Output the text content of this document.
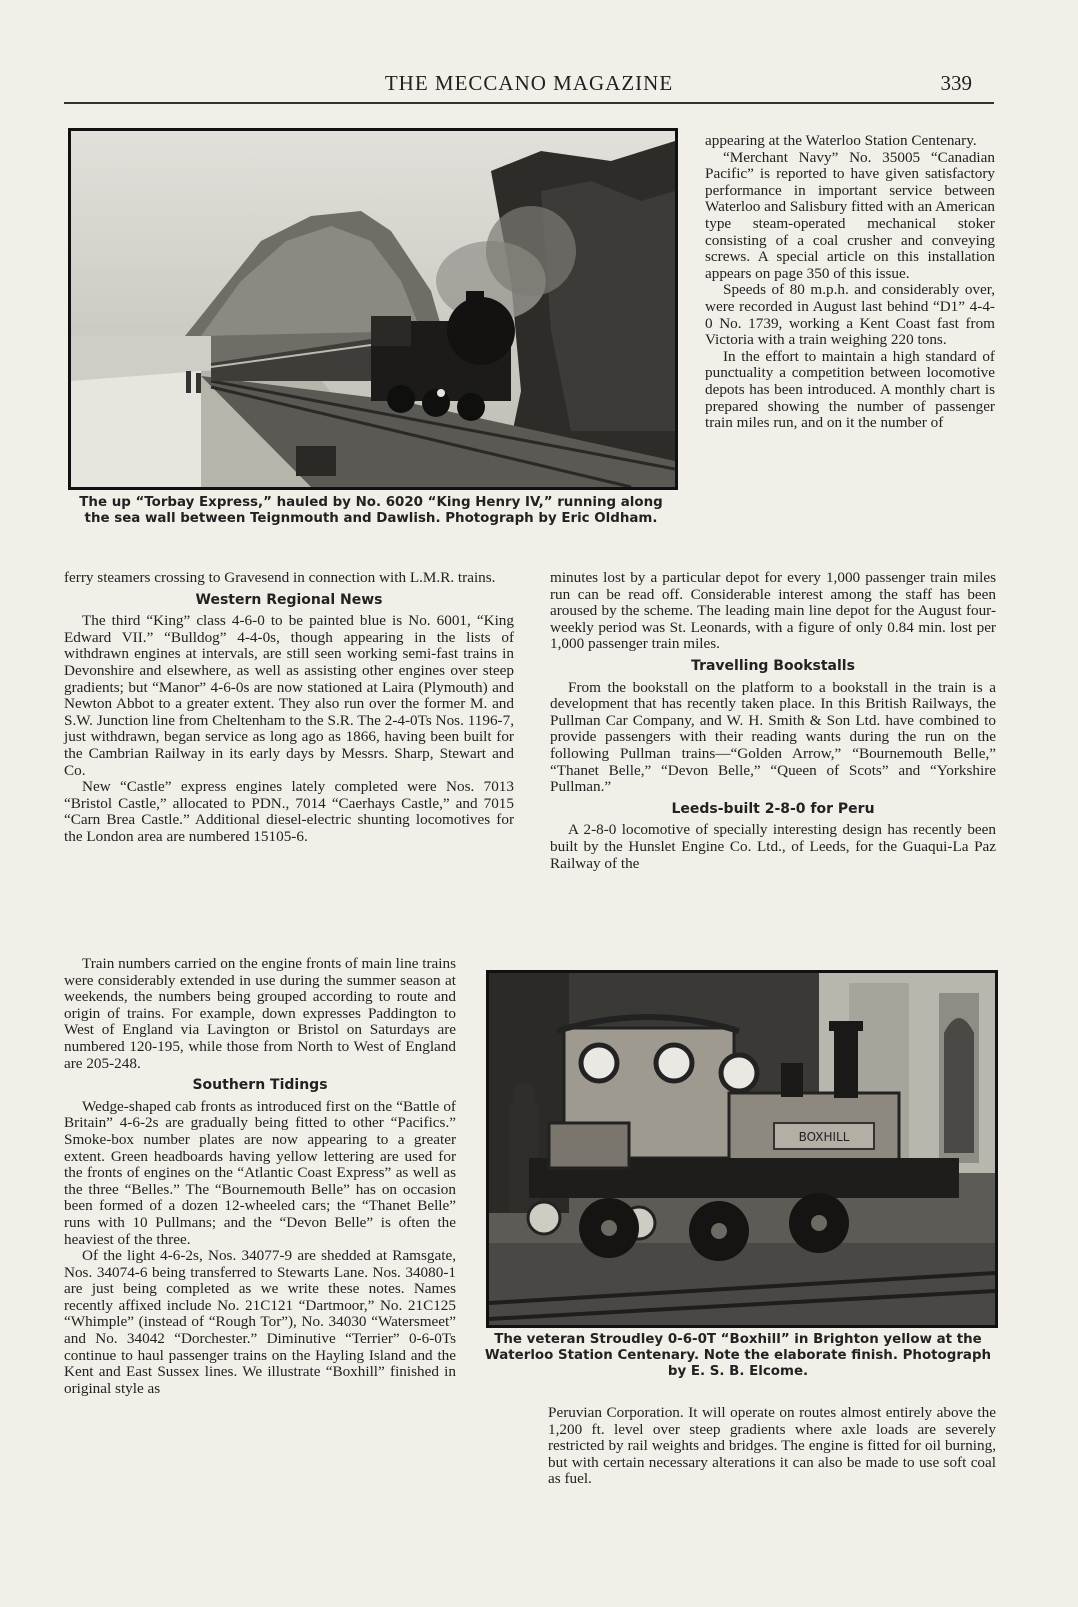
THE MECCANO MAGAZINE	339
The up “Torbay Express,” hauled by No. 6020 “King Henry IV,” running along the sea wall between Teignmouth and Dawlish. Photograph by Eric Oldham.

appearing at the Waterloo Station Centenary.

“Merchant Navy” No. 35005 “Canadian Pacific” is reported to have given satisfactory performance in important service between Waterloo and Salisbury fitted with an American type steam-operated mechanical stoker consisting of a coal crusher and conveying screws. A special article on this installation appears on page 350 of this issue.

Speeds of 80 m.p.h. and considerably over, were recorded in August last behind “D1” 4-4-0 No. 1739, working a Kent Coast fast from Victoria with a train weighing 220 tons.

In the effort to maintain a high standard of punctuality a competition between locomotive depots has been introduced. A monthly chart is prepared showing the number of passenger train miles run, and on it the number of

minutes lost by a particular depot for every 1,000 passenger train miles run can be read off. Considerable interest among the staff has been aroused by the scheme. The leading main line depot for the August four-weekly period was St. Leonards, with a figure of only 0.84 min. lost per 1,000 passenger train miles.

Travelling Bookstalls

From the bookstall on the platform to a bookstall in the train is a development that has recently taken place. In this British Railways, the Pullman Car Company, and W. H. Smith & Son Ltd. have combined to provide passengers with their reading wants during the run on the following Pullman trains—“Golden Arrow,” “Bournemouth Belle,” “Thanet Belle,” “Devon Belle,” “Queen of Scots” and “Yorkshire Pullman.”

Leeds-built 2-8-0 for Peru

A 2-8-0 locomotive of specially interesting design has recently been built by the Hunslet Engine Co. Ltd., of Leeds, for the Guaqui-La Paz Railway of the

ferry steamers crossing to Gravesend in connection with L.M.R. trains.

Western Regional News

The third “King” class 4-6-0 to be painted blue is No. 6001, “King Edward VII.” “Bulldog” 4-4-0s, though appearing in the lists of withdrawn engines at intervals, are still seen working semi-fast trains in Devonshire and elsewhere, as well as assisting other engines over steep gradients; but “Manor” 4-6-0s are now stationed at Laira (Plymouth) and Newton Abbot to a greater extent. They also run over the former M. and S.W. Junction line from Cheltenham to the S.R. The 2-4-0Ts Nos. 1196-7, just withdrawn, began service as long ago as 1866, having been built for the Cambrian Railway in its early days by Messrs. Sharp, Stewart and Co.

New “Castle” express engines lately completed were Nos. 7013 “Bristol Castle,” allocated to PDN., 7014 “Caerhays Castle,” and 7015 “Carn Brea Castle.” Additional diesel-electric shunting locomotives for the London area are numbered 15105-6.

Train numbers carried on the engine fronts of main line trains were considerably extended in use during the summer season at weekends, the numbers being grouped according to route and origin of trains. For example, down expresses Paddington to West of England via Lavington or Bristol on Saturdays are numbered 120-195, while those from North to West of England are 205-248.

Southern Tidings

Wedge-shaped cab fronts as introduced first on the “Battle of Britain” 4-6-2s are gradually being fitted to other “Pacifics.” Smoke-box number plates are now appearing to a greater extent. Green headboards having yellow lettering are used for the fronts of engines on the “Atlantic Coast Express” as well as the three “Belles.” The “Bournemouth Belle” has on occasion been formed of a dozen 12-wheeled cars; the “Thanet Belle” runs with 10 Pullmans; and the “Devon Belle” is often the heaviest of the three.

Of the light 4-6-2s, Nos. 34077-9 are shedded at Ramsgate, Nos. 34074-6 being transferred to Stewarts Lane. Nos. 34080-1 are just being completed as we write these notes. Names recently affixed include No. 21C121 “Dartmoor,” No. 21C125 “Whimple” (instead of “Rough Tor”), No. 34030 “Watersmeet” and No. 34042 “Dorchester.” Diminutive “Terrier” 0-6-0Ts continue to haul passenger trains on the Hayling Island and the Kent and East Sussex lines. We illustrate “Boxhill” finished in original style as

BOXHILL
The veteran Stroudley 0-6-0T “Boxhill” in Brighton yellow at the Waterloo Station Centenary. Note the elaborate finish. Photograph by E. S. B. Elcome.

Peruvian Corporation. It will operate on routes almost entirely above the 1,200 ft. level over steep gradients where axle loads are severely restricted by rail weights and bridges. The engine is fitted for oil burning, but with certain necessary alterations it can also be made to use soft coal as fuel.
